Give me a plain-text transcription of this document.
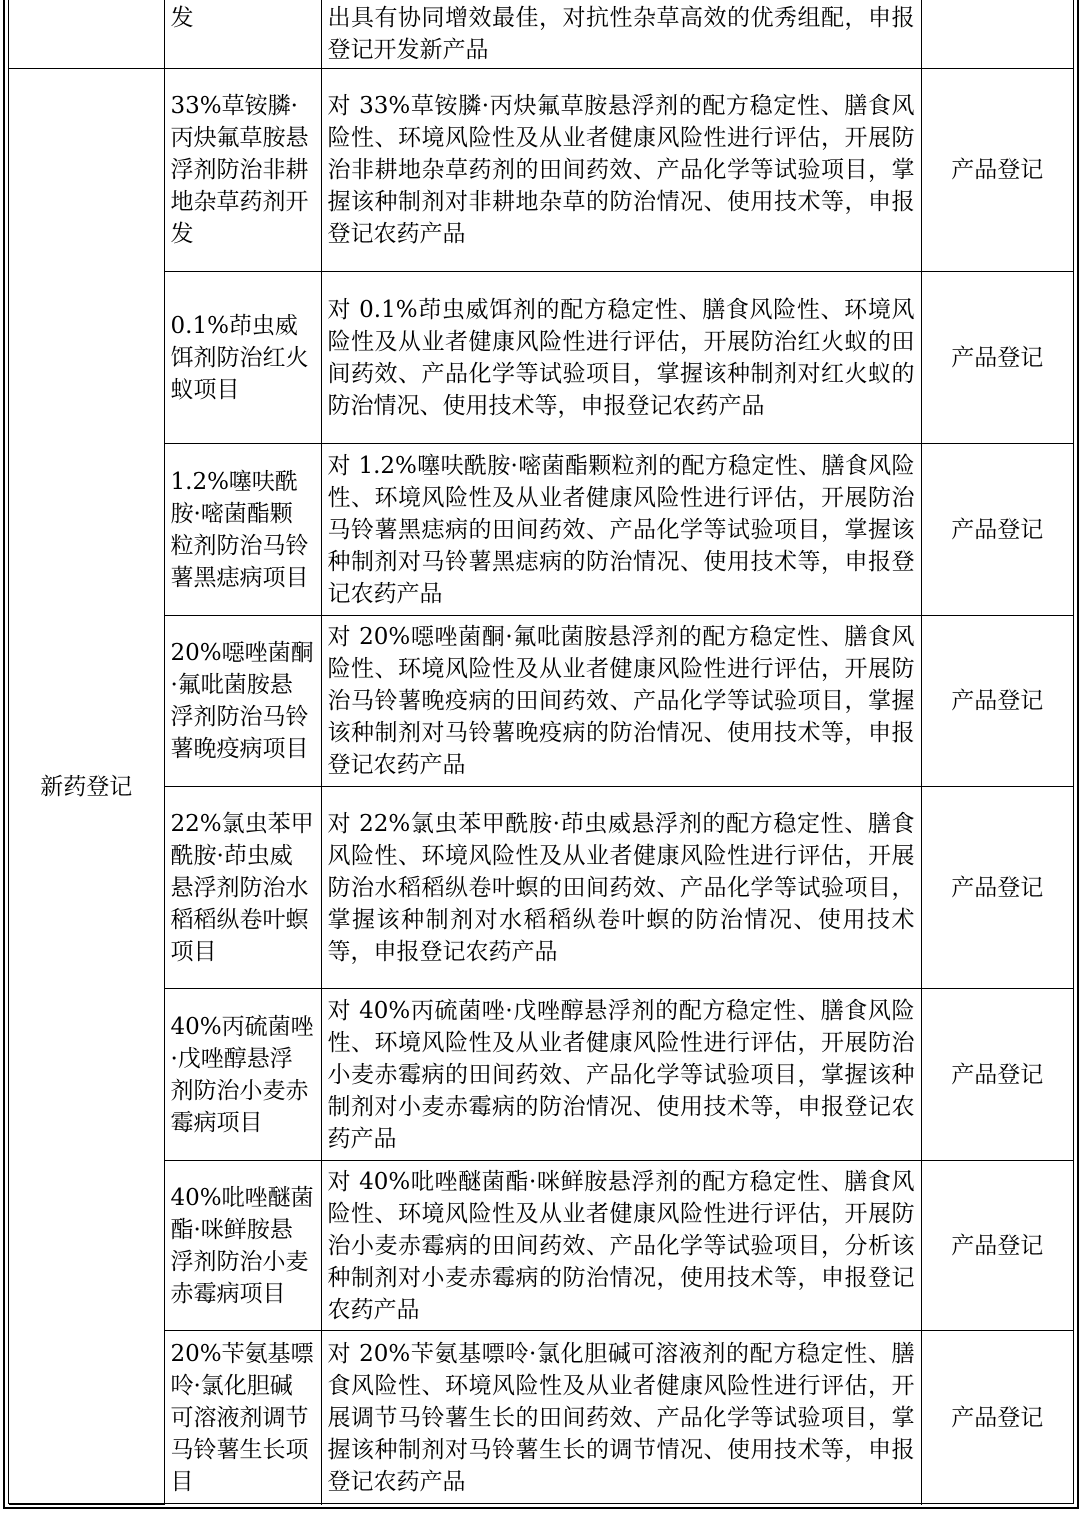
	发	出具有协同增效最佳，对抗性杂草高效的优秀组配，申报登记开发新产品	
新药登记	33%草铵膦·丙炔氟草胺悬浮剂防治非耕地杂草药剂开发	对 33%草铵膦·丙炔氟草胺悬浮剂的配方稳定性、膳食风险性、环境风险性及从业者健康风险性进行评估，开展防治非耕地杂草药剂的田间药效、产品化学等试验项目，掌握该种制剂对非耕地杂草的防治情况、使用技术等，申报登记农药产品	产品登记
	0.1%茚虫威饵剂防治红火蚁项目	对 0.1%茚虫威饵剂的配方稳定性、膳食风险性、环境风险性及从业者健康风险性进行评估，开展防治红火蚁的田间药效、产品化学等试验项目，掌握该种制剂对红火蚁的防治情况、使用技术等，申报登记农药产品	产品登记
	1.2%噻呋酰胺·嘧菌酯颗粒剂防治马铃薯黑痣病项目	对 1.2%噻呋酰胺·嘧菌酯颗粒剂的配方稳定性、膳食风险性、环境风险性及从业者健康风险性进行评估，开展防治马铃薯黑痣病的田间药效、产品化学等试验项目，掌握该种制剂对马铃薯黑痣病的防治情况、使用技术等，申报登记农药产品	产品登记
	20%噁唑菌酮·氟吡菌胺悬浮剂防治马铃薯晚疫病项目	对 20%噁唑菌酮·氟吡菌胺悬浮剂的配方稳定性、膳食风险性、环境风险性及从业者健康风险性进行评估，开展防治马铃薯晚疫病的田间药效、产品化学等试验项目，掌握该种制剂对马铃薯晚疫病的防治情况、使用技术等，申报登记农药产品	产品登记
	22%氯虫苯甲酰胺·茚虫威悬浮剂防治水稻稻纵卷叶螟项目	对 22%氯虫苯甲酰胺·茚虫威悬浮剂的配方稳定性、膳食风险性、环境风险性及从业者健康风险性进行评估，开展防治水稻稻纵卷叶螟的田间药效、产品化学等试验项目，掌握该种制剂对水稻稻纵卷叶螟的防治情况、使用技术等，申报登记农药产品	产品登记
	40%丙硫菌唑·戊唑醇悬浮剂防治小麦赤霉病项目	对 40%丙硫菌唑·戊唑醇悬浮剂的配方稳定性、膳食风险性、环境风险性及从业者健康风险性进行评估，开展防治小麦赤霉病的田间药效、产品化学等试验项目，掌握该种制剂对小麦赤霉病的防治情况、使用技术等，申报登记农药产品	产品登记
	40%吡唑醚菌酯·咪鲜胺悬浮剂防治小麦赤霉病项目	对 40%吡唑醚菌酯·咪鲜胺悬浮剂的配方稳定性、膳食风险性、环境风险性及从业者健康风险性进行评估，开展防治小麦赤霉病的田间药效、产品化学等试验项目，分析该种制剂对小麦赤霉病的防治情况，使用技术等，申报登记农药产品	产品登记
	20%苄氨基嘌呤·氯化胆碱可溶液剂调节马铃薯生长项目	对 20%苄氨基嘌呤·氯化胆碱可溶液剂的配方稳定性、膳食风险性、环境风险性及从业者健康风险性进行评估，开展调节马铃薯生长的田间药效、产品化学等试验项目，掌握该种制剂对马铃薯生长的调节情况、使用技术等，申报登记农药产品	产品登记
